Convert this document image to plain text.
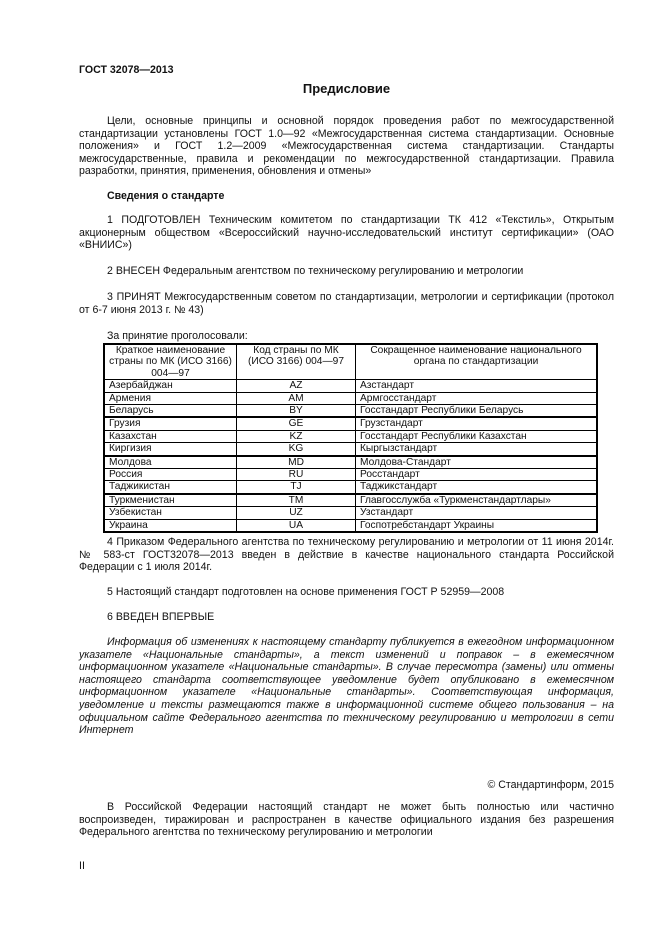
ГОСТ 32078—2013
Предисловие

Цели, основные принципы и основной порядок проведения работ по межгосударственной стандартизации установлены ГОСТ 1.0—92 «Межгосударственная система стандартизации. Основные положения» и ГОСТ 1.2—2009 «Межгосударственная система стандартизации. Стандарты межгосударственные, правила и рекомендации по межгосударственной стандартизации. Правила разработки, принятия, применения, обновления и отмены»

Сведения о стандарте

1 ПОДГОТОВЛЕН Техническим комитетом по стандартизации ТК 412 «Текстиль», Открытым акционерным обществом «Всероссийский научно-исследовательский институт сертификации» (ОАО «ВНИИС»)

2 ВНЕСЕН Федеральным агентством по техническому регулированию и метрологии

3 ПРИНЯТ Межгосударственным советом по стандартизации, метрологии и сертификации (протокол от 6-7 июня 2013 г. № 43)

За принятие проголосовали:
Краткое наименование страны по МК (ИСО 3166) 004—97	Код страны по МК (ИСО 3166) 004—97	Сокращенное наименование национального органа по стандартизации
Азербайджан	AZ	Азстандарт
Армения	AM	Армгосстандарт
Беларусь	BY	Госстандарт Республики Беларусь
Грузия	GE	Грузстандарт
Казахстан	KZ	Госстандарт Республики Казахстан
Киргизия	KG	Кыргызстандарт
Молдова	MD	Молдова-Стандарт
Россия	RU	Росстандарт
Таджикистан	TJ	Таджикстандарт
Туркменистан	TM	Главгосслужба «Туркменстандартлары»
Узбекистан	UZ	Узстандарт
Украина	UA	Госпотребстандарт Украины

4 Приказом Федерального агентства по техническому регулированию и метрологии от 11 июня 2014г. № 583-ст ГОСТ32078—2013 введен в действие в качестве национального стандарта Российской Федерации с 1 июля 2014г.

5 Настоящий стандарт подготовлен на основе применения ГОСТ Р 52959—2008

6 ВВЕДЕН ВПЕРВЫЕ

Информация об изменениях к настоящему стандарту публикуется в ежегодном информационном указателе «Национальные стандарты», а текст изменений и поправок – в ежемесячном информационном указателе «Национальные стандарты». В случае пересмотра (замены) или отмены настоящего стандарта соответствующее уведомление будет опубликовано в ежемесячном информационном указателе «Национальные стандарты». Соответствующая информация, уведомление и тексты размещаются также в информационной системе общего пользования – на официальном сайте Федерального агентства по техническому регулированию и метрологии в сети Интернет

© Стандартинформ, 2015

В Российской Федерации настоящий стандарт не может быть полностью или частично воспроизведен, тиражирован и распространен в качестве официального издания без разрешения Федерального агентства по техническому регулированию и метрологии

II
